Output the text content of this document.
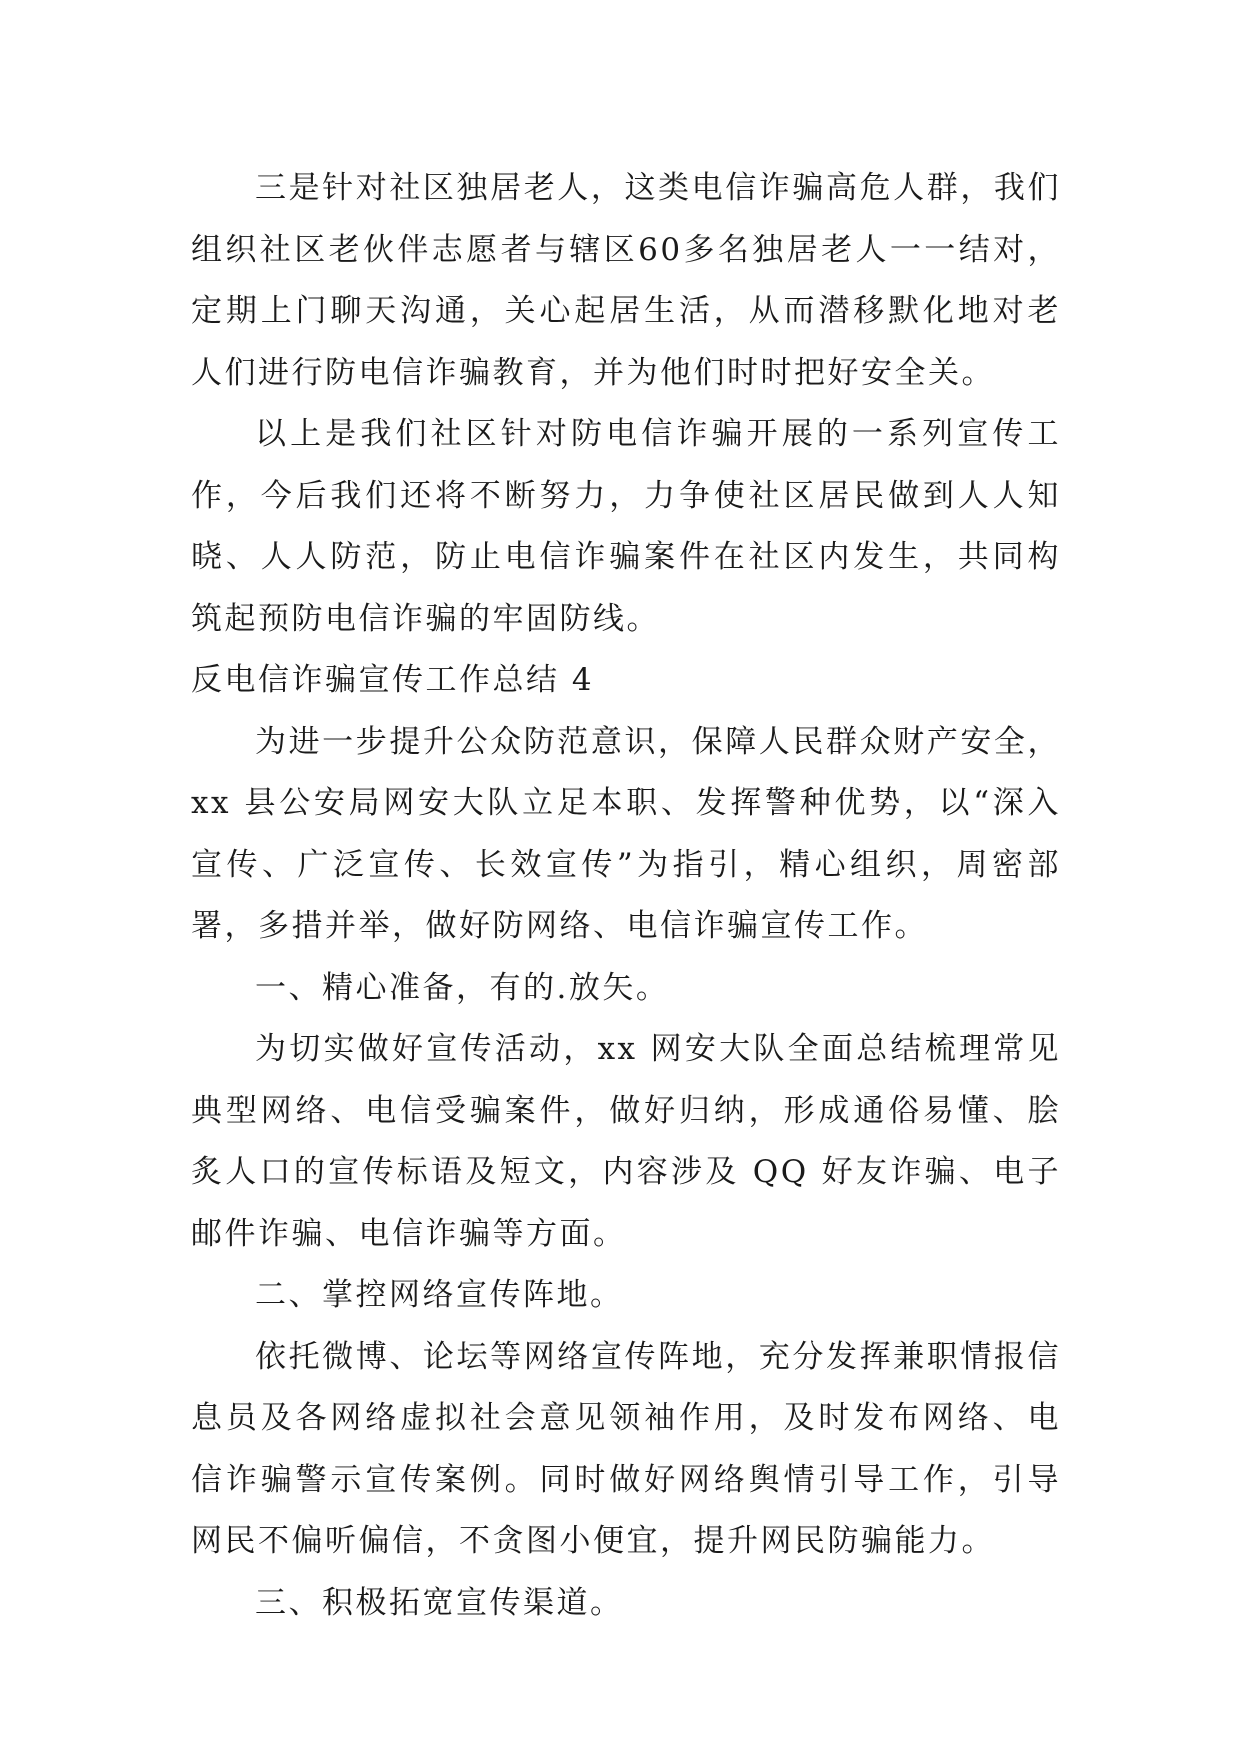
三是针对社区独居老人，这类电信诈骗高危人群，我们组织社区老伙伴志愿者与辖区60多名独居老人一一结对，定期上门聊天沟通，关心起居生活，从而潜移默化地对老人们进行防电信诈骗教育，并为他们时时把好安全关。

以上是我们社区针对防电信诈骗开展的一系列宣传工作，今后我们还将不断努力，力争使社区居民做到人人知晓、人人防范，防止电信诈骗案件在社区内发生，共同构筑起预防电信诈骗的牢固防线。

反电信诈骗宣传工作总结 4

为进一步提升公众防范意识，保障人民群众财产安全，xx 县公安局网安大队立足本职、发挥警种优势，以“深入宣传、广泛宣传、长效宣传”为指引，精心组织，周密部署，多措并举，做好防网络、电信诈骗宣传工作。

一、精心准备，有的.放矢。

为切实做好宣传活动，xx 网安大队全面总结梳理常见典型网络、电信受骗案件，做好归纳，形成通俗易懂、脍炙人口的宣传标语及短文，内容涉及 QQ 好友诈骗、电子邮件诈骗、电信诈骗等方面。

二、掌控网络宣传阵地。

依托微博、论坛等网络宣传阵地，充分发挥兼职情报信息员及各网络虚拟社会意见领袖作用，及时发布网络、电信诈骗警示宣传案例。同时做好网络舆情引导工作，引导网民不偏听偏信，不贪图小便宜，提升网民防骗能力。

三、积极拓宽宣传渠道。
